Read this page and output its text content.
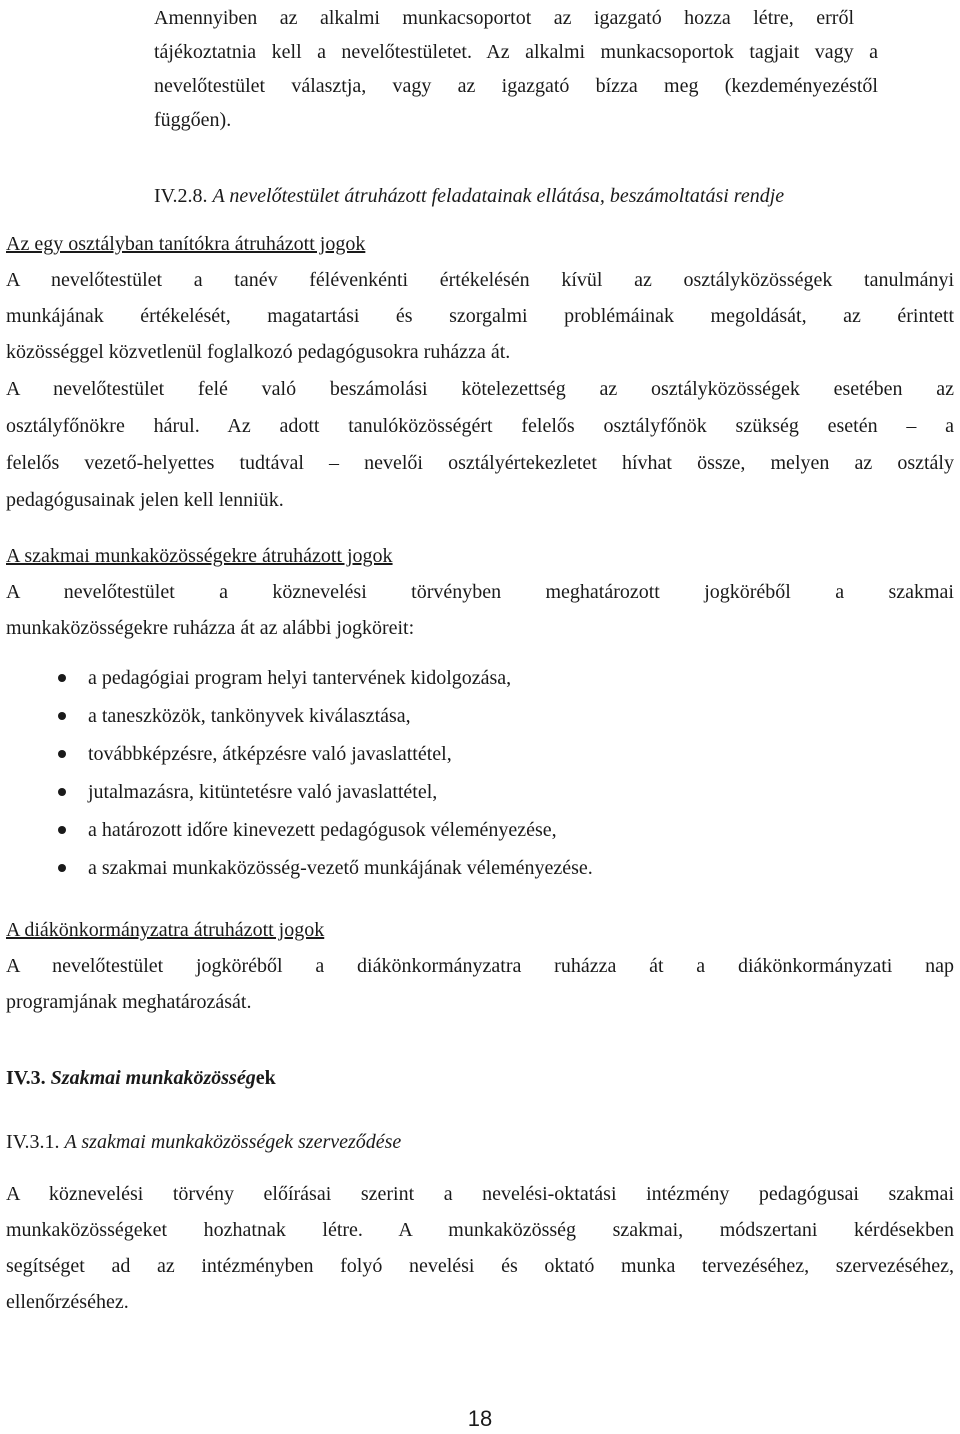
Amennyiben az alkalmi munkacsoportot az igazgató hozza létre, erről
tájékoztatnia kell a nevelőtestületet. Az alkalmi munkacsoportok tagjait vagy a
nevelőtestület választja, vagy az igazgató bízza meg (kezdeményezéstől
függően).
IV.2.8. A nevelőtestület átruházott feladatainak ellátása, beszámoltatási rendje
Az egy osztályban tanítókra átruházott jogok
A nevelőtestület a tanév félévenkénti értékelésén kívül az osztályközösségek tanulmányi
munkájának értékelését, magatartási és szorgalmi problémáinak megoldását, az érintett
közösséggel közvetlenül foglalkozó pedagógusokra ruházza át.
A nevelőtestület felé való beszámolási kötelezettség az osztályközösségek esetében az
osztályfőnökre hárul. Az adott tanulóközösségért felelős osztályfőnök szükség esetén – a
felelős vezető-helyettes tudtával – nevelői osztályértekezletet hívhat össze, melyen az osztály
pedagógusainak jelen kell lenniük.
A szakmai munkaközösségekre átruházott jogok
A nevelőtestület a köznevelési törvényben meghatározott jogköréből a szakmai
munkaközösségekre ruházza át az alábbi jogköreit:
a pedagógiai program helyi tantervének kidolgozása,
a taneszközök, tankönyvek kiválasztása,
továbbképzésre, átképzésre való javaslattétel,
jutalmazásra, kitüntetésre való javaslattétel,
a határozott időre kinevezett pedagógusok véleményezése,
a szakmai munkaközösség-vezető munkájának véleményezése.
A diákönkormányzatra átruházott jogok
A nevelőtestület jogköréből a diákönkormányzatra ruházza át a diákönkormányzati nap
programjának meghatározását.
IV.3. Szakmai munkaközösségek
IV.3.1. A szakmai munkaközösségek szerveződése
A köznevelési törvény előírásai szerint a nevelési-oktatási intézmény pedagógusai szakmai
munkaközösségeket hozhatnak létre. A munkaközösség szakmai, módszertani kérdésekben
segítséget ad az intézményben folyó nevelési és oktató munka tervezéséhez, szervezéséhez,
ellenőrzéséhez.
18
